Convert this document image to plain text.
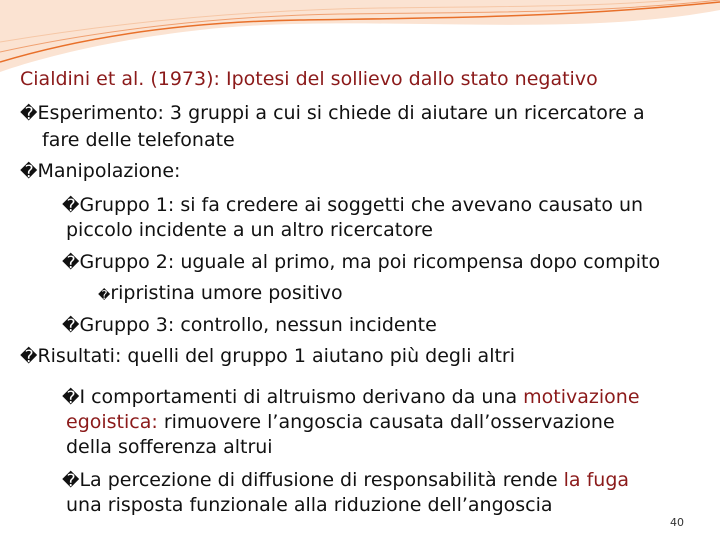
Cialdini et al. (1973): Ipotesi del sollievo dallo stato negativo
�Esperimento: 3 gruppi a cui si chiede di aiutare un ricercatore a
fare delle telefonate
�Manipolazione:
�Gruppo 1: si fa credere ai soggetti che avevano causato un
piccolo incidente a un altro ricercatore
�Gruppo 2: uguale al primo, ma poi ricompensa dopo compito
�ripristina umore positivo
�Gruppo 3: controllo, nessun incidente
�Risultati: quelli del gruppo 1 aiutano più degli altri
�I comportamenti di altruismo derivano da una motivazione
egoistica: rimuovere l’angoscia causata dall’osservazione
della sofferenza altrui
�La percezione di diffusione di responsabilità rende la fuga
una risposta funzionale alla riduzione dell’angoscia
40
